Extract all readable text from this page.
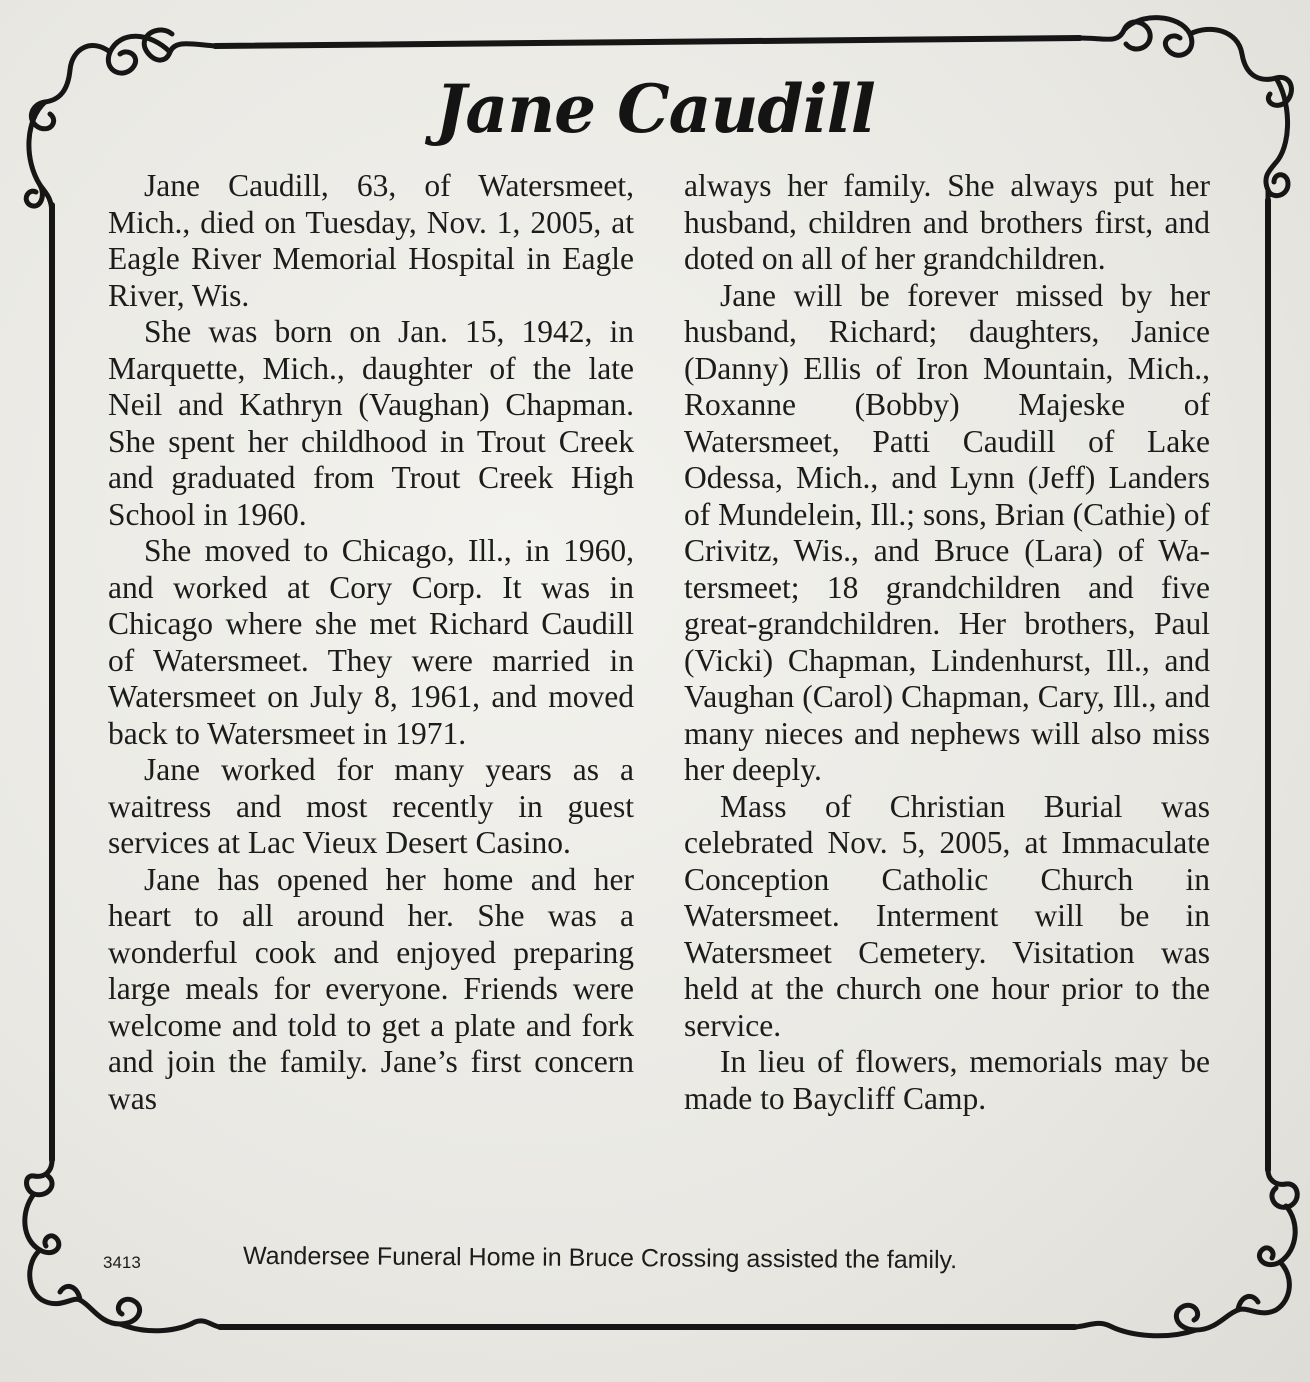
Jane Caudill

Jane Caudill, 63, of Watersmeet, Mich., died on Tuesday, Nov. 1, 2005, at Eagle River Memorial Hospital in Eagle River, Wis.

She was born on Jan. 15, 1942, in Marquette, Mich., daughter of the late Neil and Kathryn (Vaughan) Chapman. She spent her childhood in Trout Creek and graduated from Trout Creek High School in 1960.

She moved to Chicago, Ill., in 1960, and worked at Cory Corp. It was in Chicago where she met Richard Caudill of Watersmeet. They were married in Watersmeet on July 8, 1961, and moved back to Watersmeet in 1971.

Jane worked for many years as a waitress and most recently in guest services at Lac Vieux Desert Casino.

Jane has opened her home and her heart to all around her. She was a wonderful cook and enjoyed preparing large meals for everyone. Friends were welcome and told to get a plate and fork and join the family. Jane’s first concern was

always her family. She always put her husband, children and brothers first, and doted on all of her grandchildren.

Jane will be forever missed by her husband, Richard; daughters, Janice (Danny) Ellis of Iron Mountain, Mich., Roxanne (Bobby) Majeske of Watersmeet, Patti Caudill of Lake Odessa, Mich., and Lynn (Jeff) Landers of Mundelein, Ill.; sons, Brian (Cathie) of Crivitz, Wis., and Bruce (Lara) of Watersmeet; 18 grandchildren and five great-grandchildren. Her brothers, Paul (Vicki) Chapman, Lindenhurst, Ill., and Vaughan (Carol) Chapman, Cary, Ill., and many nieces and nephews will also miss her deeply.

Mass of Christian Burial was celebrated Nov. 5, 2005, at Immaculate Conception Catholic Church in Watersmeet. Interment will be in Watersmeet Cemetery. Visitation was held at the church one hour prior to the service.

In lieu of flowers, memorials may be made to Baycliff Camp.

3413	Wandersee Funeral Home in Bruce Crossing assisted the family.
